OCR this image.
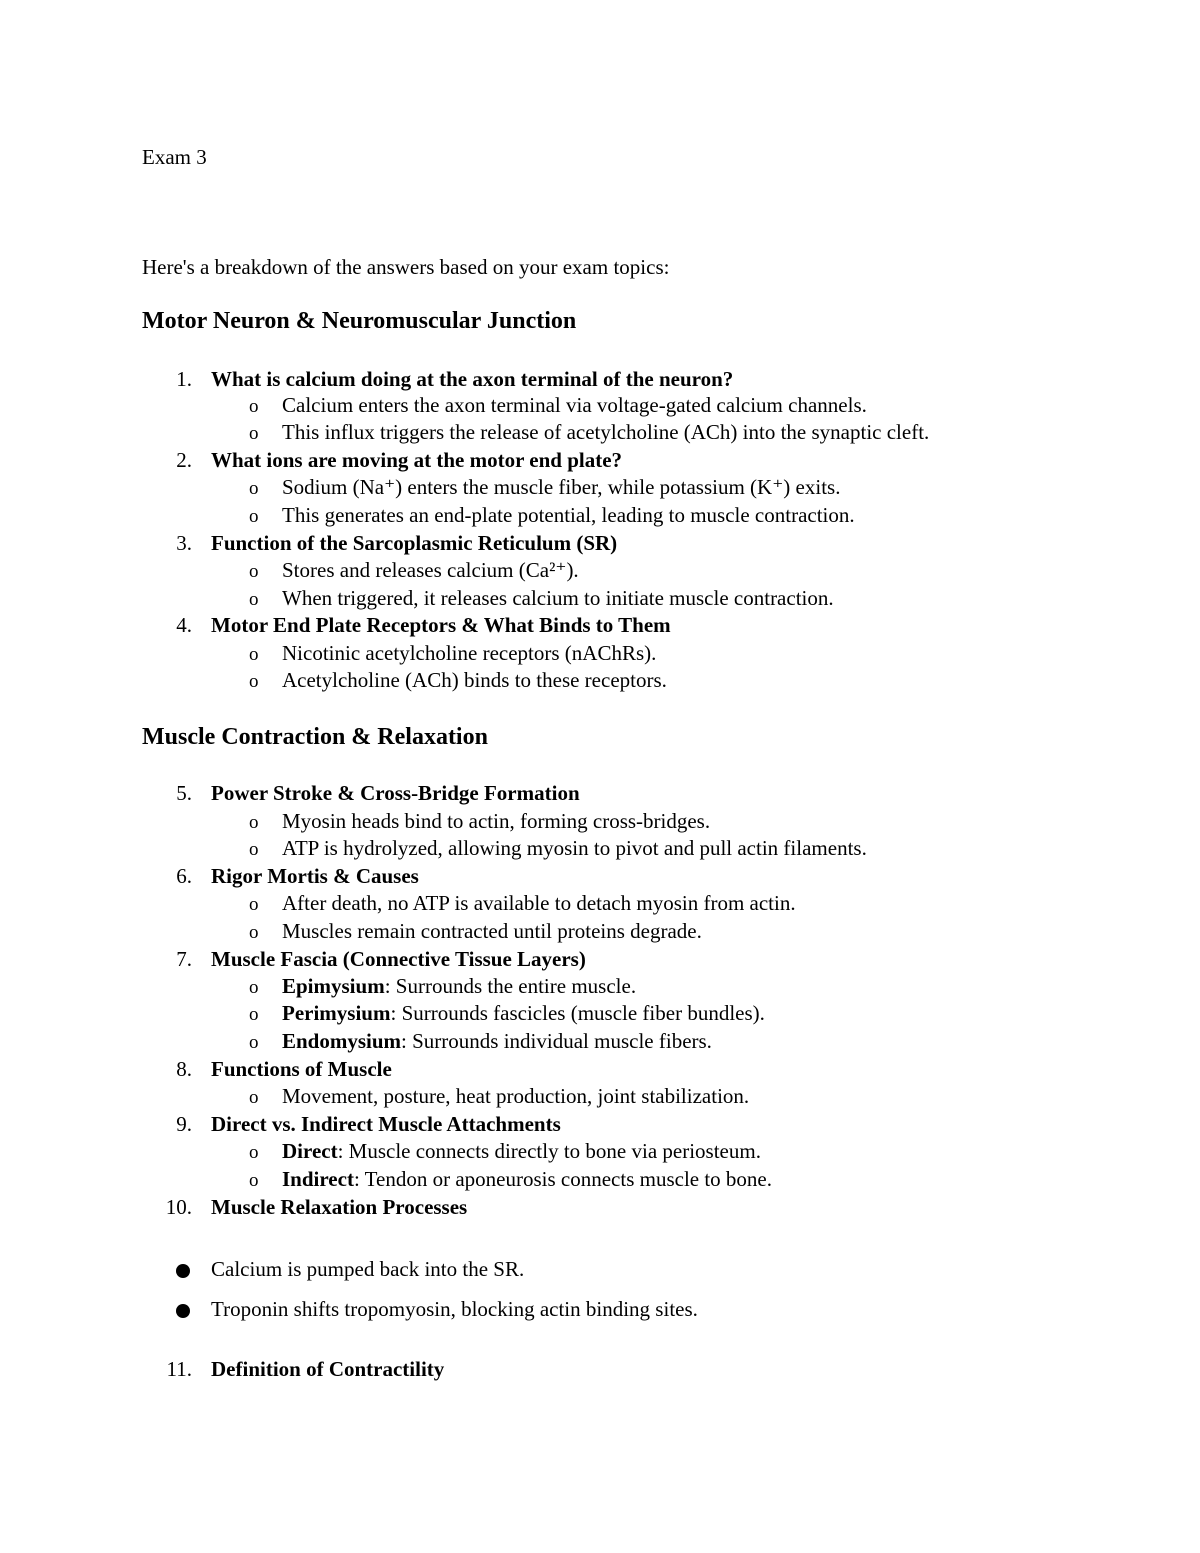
Exam 3
Here's a breakdown of the answers based on your exam topics:
Motor Neuron & Neuromuscular Junction
1. What is calcium doing at the axon terminal of the neuron?
o Calcium enters the axon terminal via voltage-gated calcium channels.
o This influx triggers the release of acetylcholine (ACh) into the synaptic cleft.
2. What ions are moving at the motor end plate?
o Sodium (Na⁺) enters the muscle fiber, while potassium (K⁺) exits.
o This generates an end-plate potential, leading to muscle contraction.
3. Function of the Sarcoplasmic Reticulum (SR)
o Stores and releases calcium (Ca²⁺).
o When triggered, it releases calcium to initiate muscle contraction.
4. Motor End Plate Receptors & What Binds to Them
o Nicotinic acetylcholine receptors (nAChRs).
o Acetylcholine (ACh) binds to these receptors.
Muscle Contraction & Relaxation
5. Power Stroke & Cross-Bridge Formation
o Myosin heads bind to actin, forming cross-bridges.
o ATP is hydrolyzed, allowing myosin to pivot and pull actin filaments.
6. Rigor Mortis & Causes
o After death, no ATP is available to detach myosin from actin.
o Muscles remain contracted until proteins degrade.
7. Muscle Fascia (Connective Tissue Layers)
o Epimysium: Surrounds the entire muscle.
o Perimysium: Surrounds fascicles (muscle fiber bundles).
o Endomysium: Surrounds individual muscle fibers.
8. Functions of Muscle
o Movement, posture, heat production, joint stabilization.
9. Direct vs. Indirect Muscle Attachments
o Direct: Muscle connects directly to bone via periosteum.
o Indirect: Tendon or aponeurosis connects muscle to bone.
10. Muscle Relaxation Processes
Calcium is pumped back into the SR.
Troponin shifts tropomyosin, blocking actin binding sites.
11. Definition of Contractility
